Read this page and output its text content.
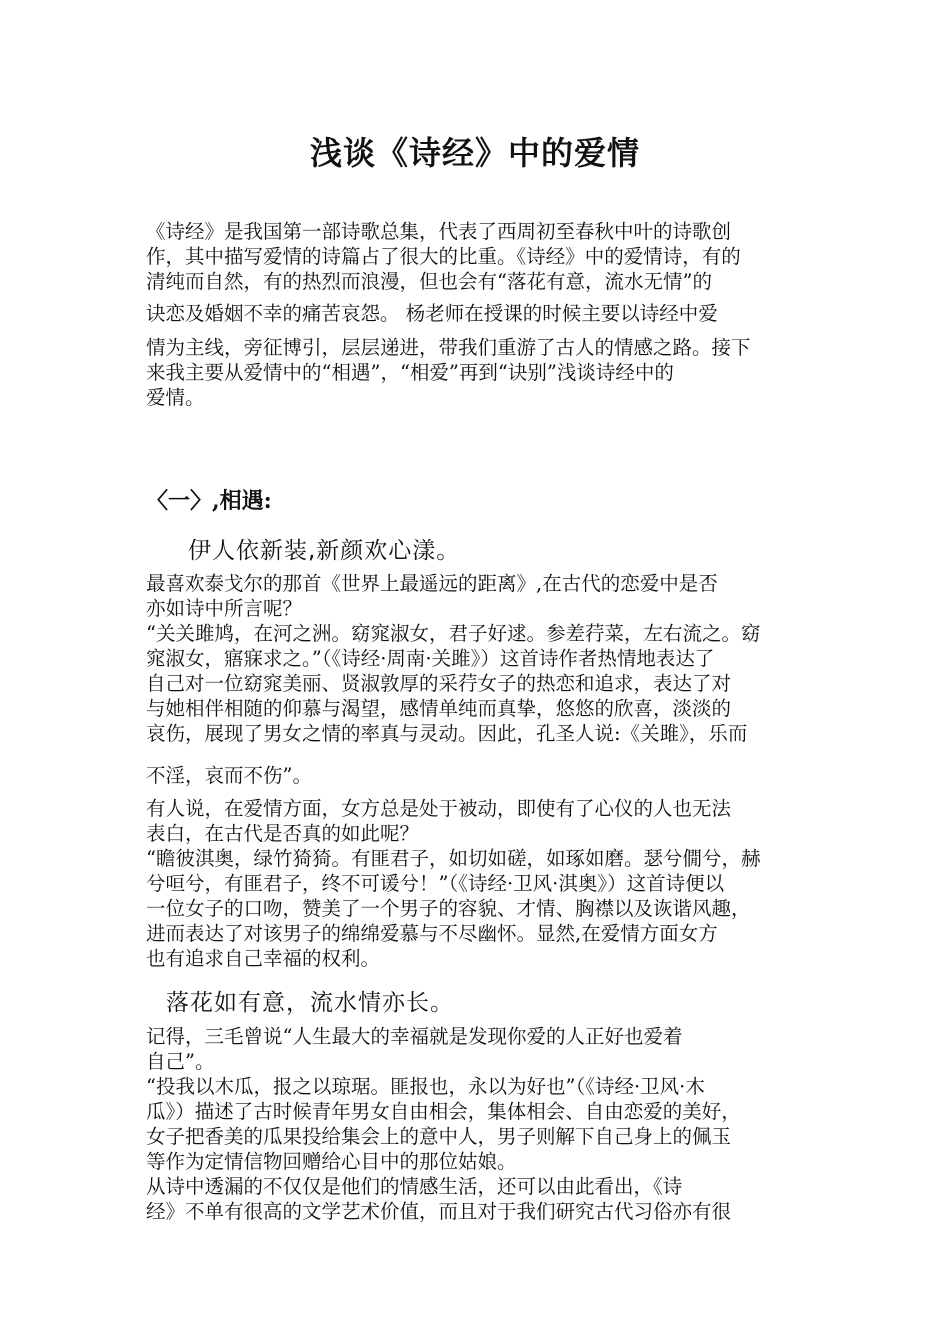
浅谈《诗经》中的爱情
《诗经》是我国第一部诗歌总集，代表了西周初至春秋中叶的诗歌创
作，其中描写爱情的诗篇占了很大的比重。《诗经》中的爱情诗，有的
清纯而自然，有的热烈而浪漫，但也会有“落花有意，流水无情”的
诀恋及婚姻不幸的痛苦哀怨。 杨老师在授课的时候主要以诗经中爱
情为主线，旁征博引，层层递进，带我们重游了古人的情感之路。接下
来我主要从爱情中的“相遇”，“相爱”再到“诀别”浅谈诗经中的
爱情。
〈一〉,相遇:
伊人依新装,新颜欢心漾。
最喜欢泰戈尔的那首《世界上最遥远的距离》,在古代的恋爱中是否
亦如诗中所言呢？
“关关雎鸠，在河之洲。窈窕淑女，君子好逑。参差荇菜，左右流之。窈
窕淑女，寤寐求之。”（《诗经·周南·关雎》）这首诗作者热情地表达了
自己对一位窈窕美丽、贤淑敦厚的采荇女子的热恋和追求，表达了对
与她相伴相随的仰慕与渴望，感情单纯而真挚，悠悠的欣喜，淡淡的
哀伤，展现了男女之情的率真与灵动。因此，孔圣人说:《关雎》，乐而
不淫，哀而不伤”。
有人说，在爱情方面，女方总是处于被动，即使有了心仪的人也无法
表白，在古代是否真的如此呢？
“瞻彼淇奥，绿竹猗猗。有匪君子，如切如磋，如琢如磨。瑟兮僩兮，赫
兮咺兮，有匪君子，终不可谖兮！”（《诗经·卫风·淇奥》）这首诗便以
一位女子的口吻，赞美了一个男子的容貌、才情、胸襟以及诙谐风趣，
进而表达了对该男子的绵绵爱慕与不尽幽怀。显然,在爱情方面女方
也有追求自己幸福的权利。
落花如有意，流水情亦长。
记得，三毛曾说“人生最大的幸福就是发现你爱的人正好也爱着
自己”。
“投我以木瓜，报之以琼琚。匪报也，永以为好也”（《诗经·卫风·木
瓜》）描述了古时候青年男女自由相会，集体相会、自由恋爱的美好，
女子把香美的瓜果投给集会上的意中人，男子则解下自己身上的佩玉
等作为定情信物回赠给心目中的那位姑娘。
从诗中透漏的不仅仅是他们的情感生活，还可以由此看出，《诗
经》不单有很高的文学艺术价值，而且对于我们研究古代习俗亦有很
